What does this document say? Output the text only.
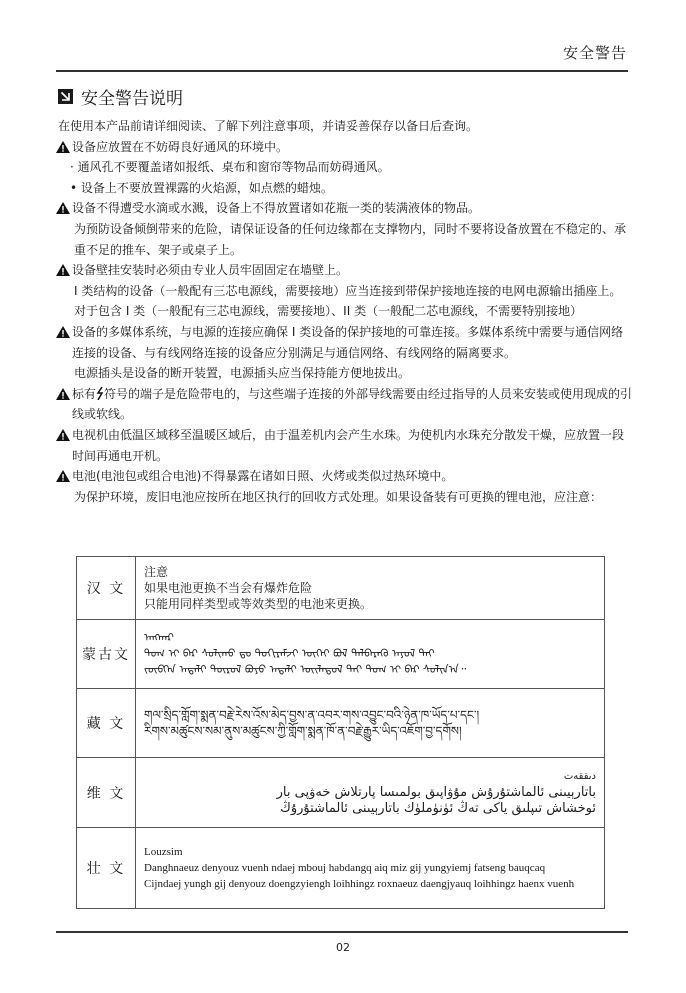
安全警告
安全警告说明

在使用本产品前请详细阅读、了解下列注意事项，并请妥善保存以备日后查询。

设备应放置在不妨碍良好通风的环境中。

· 通风孔不要覆盖诸如报纸、桌布和窗帘等物品而妨碍通风。

• 设备上不要放置裸露的火焰源，如点燃的蜡烛。

设备不得遭受水滴或水溅，设备上不得放置诸如花瓶一类的装满液体的物品。

为预防设备倾倒带来的危险，请保证设备的任何边缘都在支撑物内，同时不要将设备放置在不稳定的、承重不足的推车、架子或桌子上。

设备壁挂安装时必须由专业人员牢固固定在墙壁上。

I 类结构的设备（一般配有三芯电源线，需要接地）应当连接到带保护接地连接的电网电源输出插座上。

对于包含 I 类（一般配有三芯电源线，需要接地）、II 类（一般配二芯电源线，不需要特别接地）

设备的多媒体系统，与电源的连接应确保 I 类设备的保护接地的可靠连接。多媒体系统中需要与通信网络连接的设备、与有线网络连接的设备应分别满足与通信网络、有线网络的隔离要求。

电源插头是设备的断开装置，电源插头应当保持能方便地拔出。

标有 符号的端子是危险带电的，与这些端子连接的外部导线需要由经过指导的人员来安装或使用现成的引线或软线。

电视机由低温区域移至温暖区域后，由于温差机内会产生水珠。为使机内水珠充分散发干燥，应放置一段时间再通电开机。

电池(电池包或组合电池)不得暴露在诸如日照、火烤或类似过热环境中。

为保护环境，废旧电池应按所在地区执行的回收方式处理。如果设备装有可更换的锂电池，应注意：

汉 文	注意
如果电池更换不当会有爆炸危险
只能用同样类型或等效类型的电池来更换。

蒙古文	ᠠᠩᠬᠠᠷ
ᠲᠣᠭ ᠢ ᠪᠡᠷ ᠰᠣᠯᠢᠬᠤ ᠳᠤ ᠲᠣᠬᠢᠷᠠᠮᠵᠢ ᠦᠭᠡᠢ ᠪᠣᠯ ᠳᠡᠯᠪᠡᠷᠡᠬᠦ ᠠᠶᠤᠯ ᠲᠠᠢ
ᠵᠥᠪᠬᠡᠨ ᠠᠳᠠᠯᠢ ᠲᠥᠷᠥᠯ ᠪᠤᠶᠤ ᠠᠳᠠᠯᠢ ᠦᠢᠯᠡᠳᠦᠯ ᠲᠡᠢ ᠲᠣᠭ ᠢ ᠪᠡᠷ ᠰᠣᠯᠢᠨ᠎ᠠ᠃

藏 文	གལ་སྲིད་གློག་སྨན་བརྗེ་རེས་འོས་མེད་བྱས་ན་འབར་གས་འབྱུང་བའི་ཉེན་ཁ་ཡོད་པ་དང་།
རིགས་མཚུངས་སམ་ནུས་མཚུངས་ཀྱི་གློག་སྨན་ཁོ་ན་བརྗེ་རྒྱུར་ཡིད་འཇོག་བྱ་དགོས།

维 文	دىققەت
باتارېيىنى ئالماشتۇرۇش مۇۋاپىق بولمىسا پارتلاش خەۋپى بار
ئوخشاش تىپلىق ياكى تەڭ ئۈنۈملۈك باتارېيىنى ئالماشتۇرۇڭ

壮 文	Louzsim
Danghnaeuz denyouz vuenh ndaej mbouj habdangq aiq miz gij yungyiemj fatseng bauqcaq
Cijndaej yungh gij denyouz doengzyiengh loihhingz roxnaeuz daengjyauq loihhingz haenx vuenh
02
